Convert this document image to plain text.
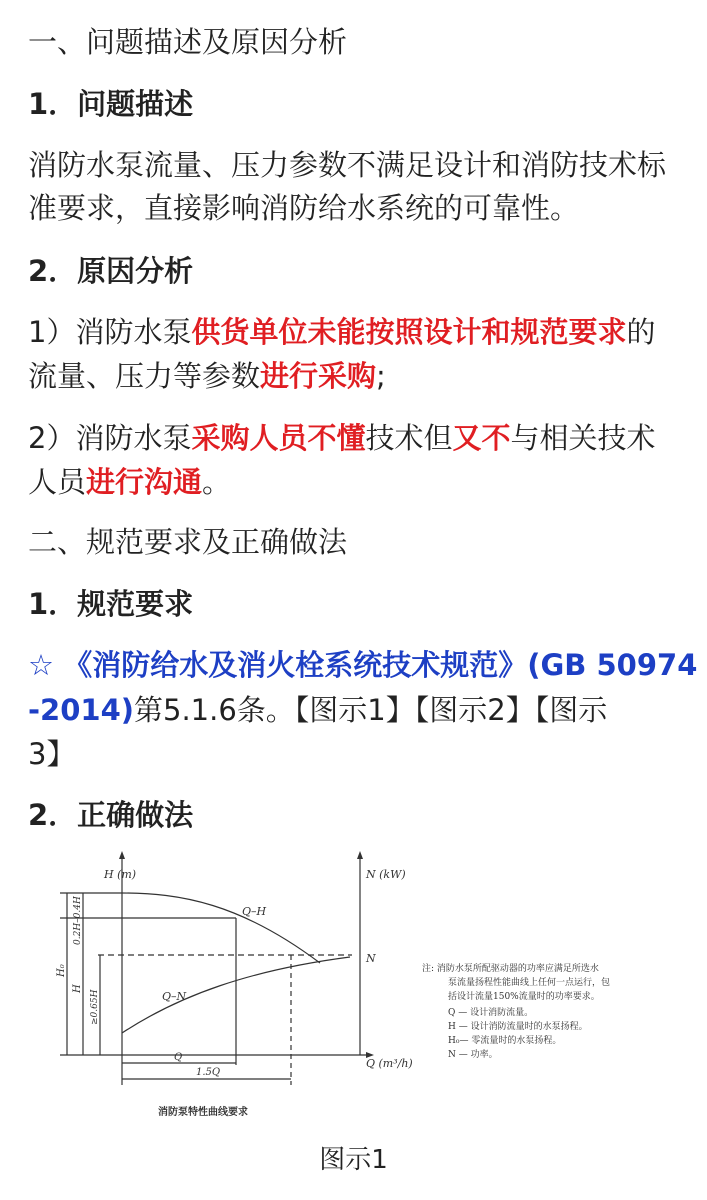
一、问题描述及原因分析
1．问题描述
消防水泵流量、压力参数不满足设计和消防技术标
准要求，直接影响消防给水系统的可靠性。
2．原因分析
1）消防水泵供货单位未能按照设计和规范要求的
流量、压力等参数进行采购;
2）消防水泵采购人员不懂技术但又不与相关技术
人员进行沟通。
二、规范要求及正确做法
1．规范要求
☆ 《消防给水及消火栓系统技术规范》(GB 50974
-2014)第5.1.6条。【图示1】【图示2】【图示
3】
2．正确做法
H (m)	N (kW)
Q (m³/h)
Q–H
Q–N
N
0.2H–0.4H
H₀
H
≥0.65H
Q
1.5Q
消防泵特性曲线要求
注: 消防水泵所配驱动器的功率应满足所选水
泵流量扬程性能曲线上任何一点运行，包
括设计流量150%流量时的功率要求。
Q — 设计消防流量。
H — 设计消防流量时的水泵扬程。
H₀— 零流量时的水泵扬程。
N — 功率。
图示1
